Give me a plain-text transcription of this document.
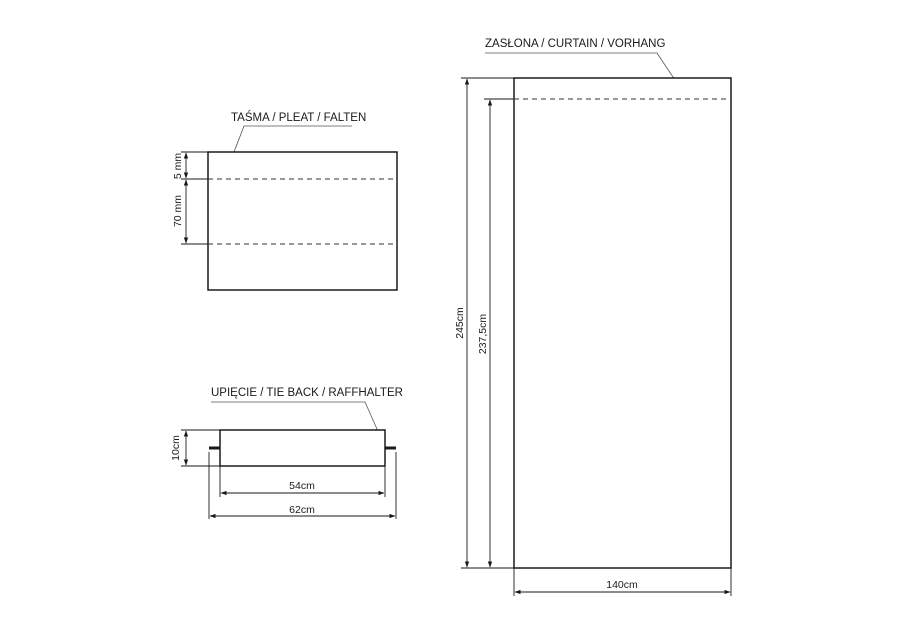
TAŚMA / PLEAT / FALTEN
5 mm
70 mm
UPIĘCIE / TIE BACK / RAFFHALTER
10cm
54cm
62cm
ZASŁONA / CURTAIN / VORHANG
245cm 237,5cm
140cm
